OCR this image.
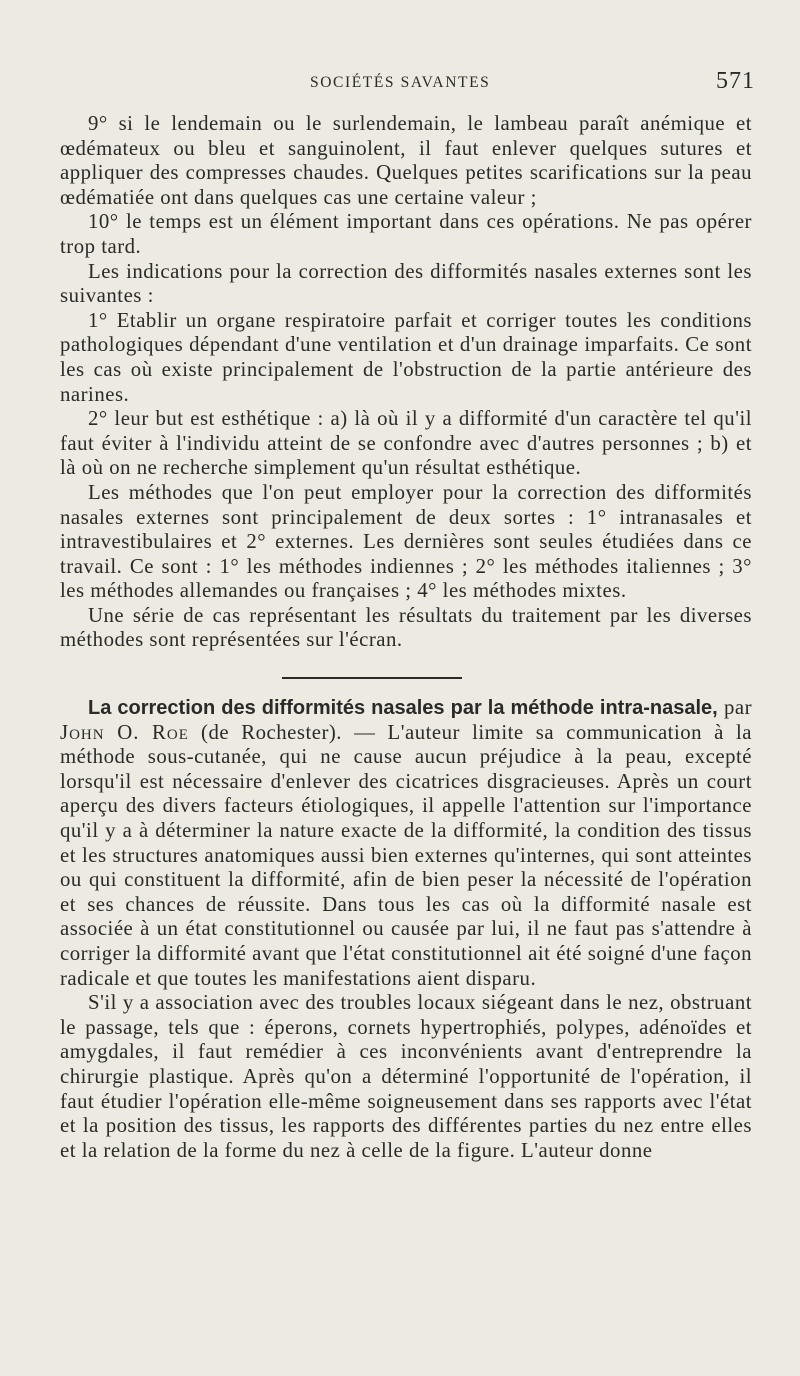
SOCIÉTÉS SAVANTES	571

9° si le lendemain ou le surlendemain, le lambeau paraît anémique et œdémateux ou bleu et sanguinolent, il faut enlever quelques sutures et appliquer des compresses chaudes. Quelques petites scarifications sur la peau œdématiée ont dans quelques cas une certaine valeur ;

10° le temps est un élément important dans ces opérations. Ne pas opérer trop tard.

Les indications pour la correction des difformités nasales externes sont les suivantes :

1° Etablir un organe respiratoire parfait et corriger toutes les conditions pathologiques dépendant d'une ventilation et d'un drainage imparfaits. Ce sont les cas où existe principalement de l'obstruction de la partie antérieure des narines.

2° leur but est esthétique : a) là où il y a difformité d'un caractère tel qu'il faut éviter à l'individu atteint de se confondre avec d'autres personnes ; b) et là où on ne recherche simplement qu'un résultat esthétique.

Les méthodes que l'on peut employer pour la correction des difformités nasales externes sont principalement de deux sortes : 1° intranasales et intravestibulaires et 2° externes. Les dernières sont seules étudiées dans ce travail. Ce sont : 1° les méthodes indiennes ; 2° les méthodes italiennes ; 3° les méthodes allemandes ou françaises ; 4° les méthodes mixtes.

Une série de cas représentant les résultats du traitement par les diverses méthodes sont représentées sur l'écran.

La correction des difformités nasales par la méthode intra-nasale, par John O. Roe (de Rochester). — L'auteur limite sa communication à la méthode sous-cutanée, qui ne cause aucun préjudice à la peau, excepté lorsqu'il est nécessaire d'enlever des cicatrices disgracieuses. Après un court aperçu des divers facteurs étiologiques, il appelle l'attention sur l'importance qu'il y a à déterminer la nature exacte de la difformité, la condition des tissus et les structures anatomiques aussi bien externes qu'internes, qui sont atteintes ou qui constituent la difformité, afin de bien peser la nécessité de l'opération et ses chances de réussite. Dans tous les cas où la difformité nasale est associée à un état constitutionnel ou causée par lui, il ne faut pas s'attendre à corriger la difformité avant que l'état constitutionnel ait été soigné d'une façon radicale et que toutes les manifestations aient disparu.

S'il y a association avec des troubles locaux siégeant dans le nez, obstruant le passage, tels que : éperons, cornets hypertrophiés, polypes, adénoïdes et amygdales, il faut remédier à ces inconvénients avant d'entreprendre la chirurgie plastique. Après qu'on a déterminé l'opportunité de l'opération, il faut étudier l'opération elle-même soigneusement dans ses rapports avec l'état et la position des tissus, les rapports des différentes parties du nez entre elles et la relation de la forme du nez à celle de la figure. L'auteur donne
